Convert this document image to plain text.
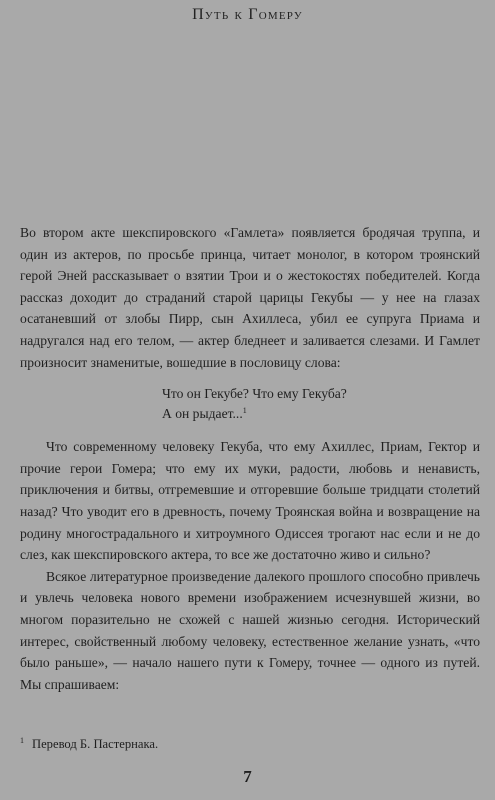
Путь к Гомеру

Во втором акте шекспировского «Гамлета» появляется бродячая труппа, и один из актеров, по просьбе принца, читает монолог, в котором троянский герой Эней рассказывает о взятии Трои и о жестокостях победителей. Когда рассказ доходит до страданий старой царицы Гекубы — у нее на глазах осатаневший от злобы Пирр, сын Ахиллеса, убил ее супруга Приама и надругался над его телом, — актер бледнеет и заливается слезами. И Гамлет произносит знаменитые, вошедшие в пословицу слова:

Что он Гекубе? Что ему Гекуба?
А он рыдает...$^1$

Что современному человеку Гекуба, что ему Ахиллес, Приам, Гектор и прочие герои Гомера; что ему их муки, радости, любовь и ненависть, приключения и битвы, отгремевшие и отгоревшие больше тридцати столетий назад? Что уводит его в древность, почему Троянская война и возвращение на родину многострадального и хитроумного Одиссея трогают нас если и не до слез, как шекспировского актера, то все же достаточно живо и сильно?

Всякое литературное произведение далекого прошлого способно привлечь и увлечь человека нового времени изображением исчезнувшей жизни, во многом поразительно не схожей с нашей жизнью сегодня. Исторический интерес, свойственный любому человеку, естественное желание узнать, «что было раньше», — начало нашего пути к Гомеру, точнее — одного из путей. Мы спрашиваем:

$^1$ Перевод Б. Пастернака.
7
